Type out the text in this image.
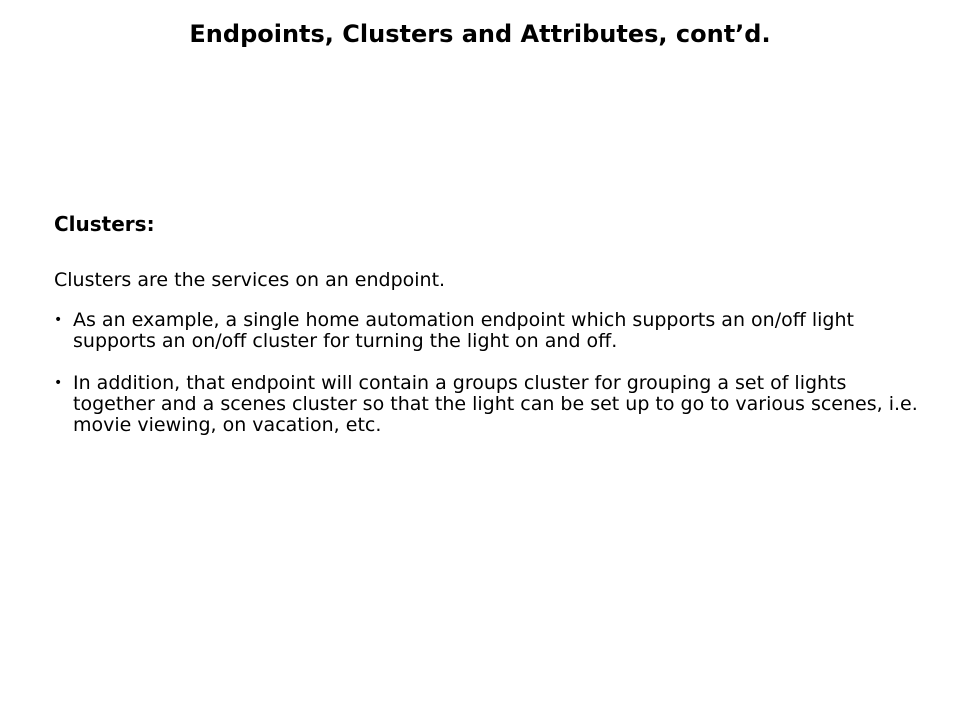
Endpoints, Clusters and Attributes, cont’d.
Clusters:
Clusters are the services on an endpoint.
• As an example, a single home automation endpoint which supports an on/off light supports an on/off cluster for turning the light on and off.
• In addition, that endpoint will contain a groups cluster for grouping a set of lights together and a scenes cluster so that the light can be set up to go to various scenes, i.e. movie viewing, on vacation, etc.
